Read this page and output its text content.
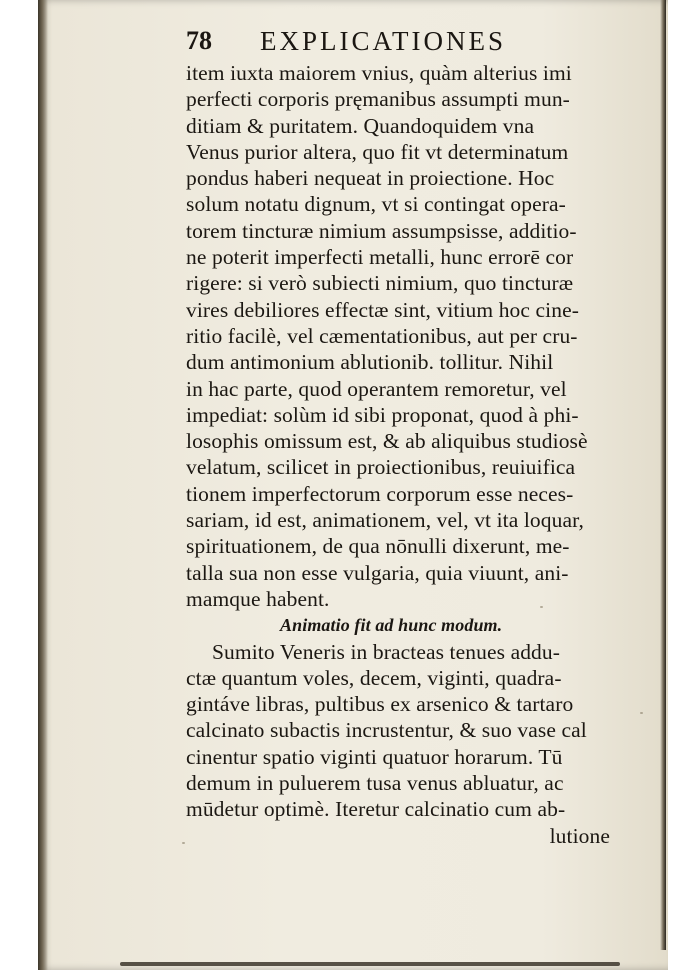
78 EXPLICATIONES
item iuxta maiorem vnius, quàm alterius imi
perfecti corporis pręmanibus assumpti mun-
ditiam & puritatem. Quandoquidem vna
Venus purior altera, quo fit vt determinatum
pondus haberi nequeat in proiectione. Hoc
solum notatu dignum, vt si contingat opera-
torem tincturæ nimium assumpsisse, additio-
ne poterit imperfecti metalli, hunc errorē cor
rigere: si verò subiecti nimium, quo tincturæ
vires debiliores effectæ sint, vitium hoc cine-
ritio facilè, vel cæmentationibus, aut per cru-
dum antimonium ablutionib. tollitur. Nihil
in hac parte, quod operantem remoretur, vel
impediat: solùm id sibi proponat, quod à phi-
losophis omissum est, & ab aliquibus studiosè
velatum, scilicet in proiectionibus, reuiuifica
tionem imperfectorum corporum esse neces-
sariam, id est, animationem, vel, vt ita loquar,
spirituationem, de qua nōnulli dixerunt, me-
talla sua non esse vulgaria, quia viuunt, ani-
mamque habent.
Animatio fit ad hunc modum.
Sumito Veneris in bracteas tenues addu-
ctæ quantum voles, decem, viginti, quadra-
gintáve libras, pultibus ex arsenico & tartaro
calcinato subactis incrustentur, & suo vase cal
cinentur spatio viginti quatuor horarum. Tū
demum in puluerem tusa venus abluatur, ac
mūdetur optimè. Iteretur calcinatio cum ab-
lutione
